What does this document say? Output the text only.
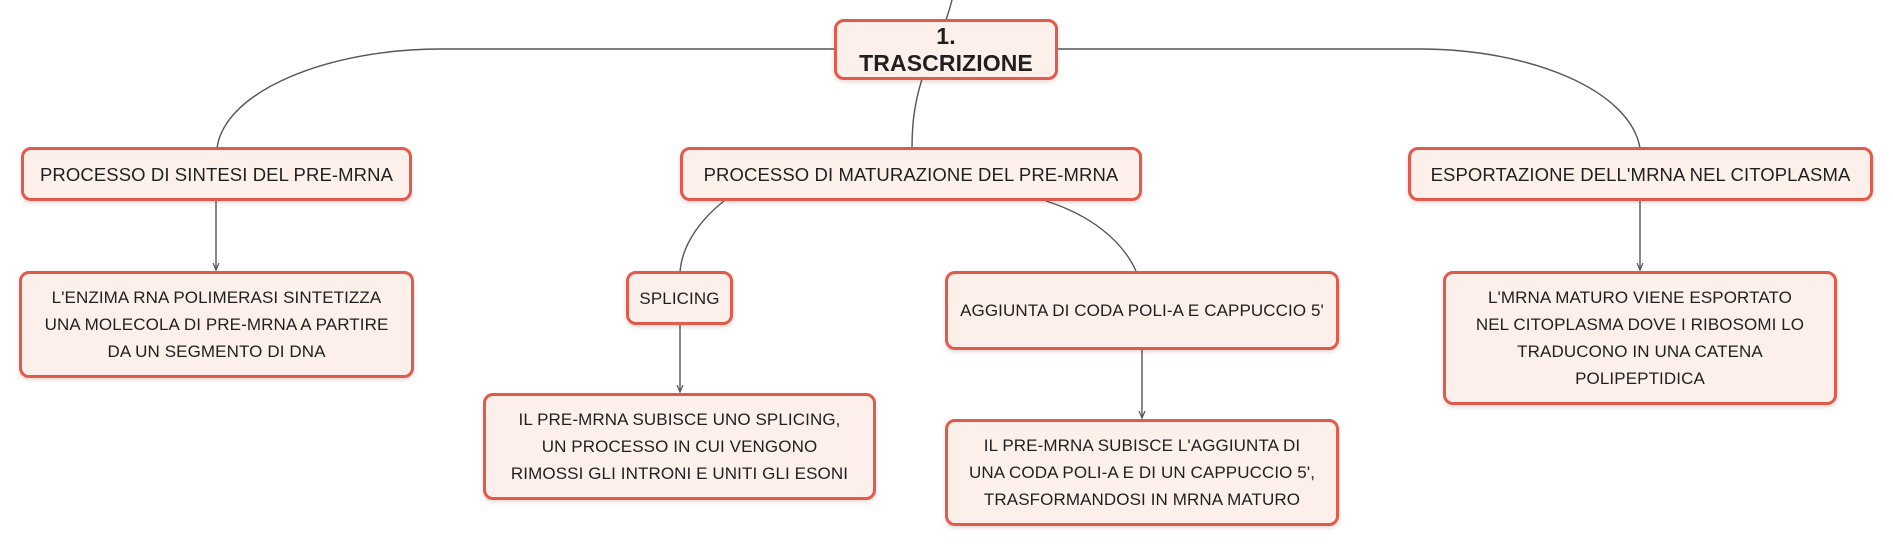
1. TRASCRIZIONE
PROCESSO DI SINTESI DEL PRE-MRNA	PROCESSO DI MATURAZIONE DEL PRE-MRNA	ESPORTAZIONE DELL'MRNA NEL CITOPLASMA
L'ENZIMA RNA POLIMERASI SINTETIZZA UNA MOLECOLA DI PRE-MRNA A PARTIRE DA UN SEGMENTO DI DNA
SPLICING
AGGIUNTA DI CODA POLI-A E CAPPUCCIO 5'
L'MRNA MATURO VIENE ESPORTATO NEL CITOPLASMA DOVE I RIBOSOMI LO TRADUCONO IN UNA CATENA POLIPEPTIDICA
IL PRE-MRNA SUBISCE UNO SPLICING, UN PROCESSO IN CUI VENGONO RIMOSSI GLI INTRONI E UNITI GLI ESONI
IL PRE-MRNA SUBISCE L'AGGIUNTA DI UNA CODA POLI-A E DI UN CAPPUCCIO 5', TRASFORMANDOSI IN MRNA MATURO
